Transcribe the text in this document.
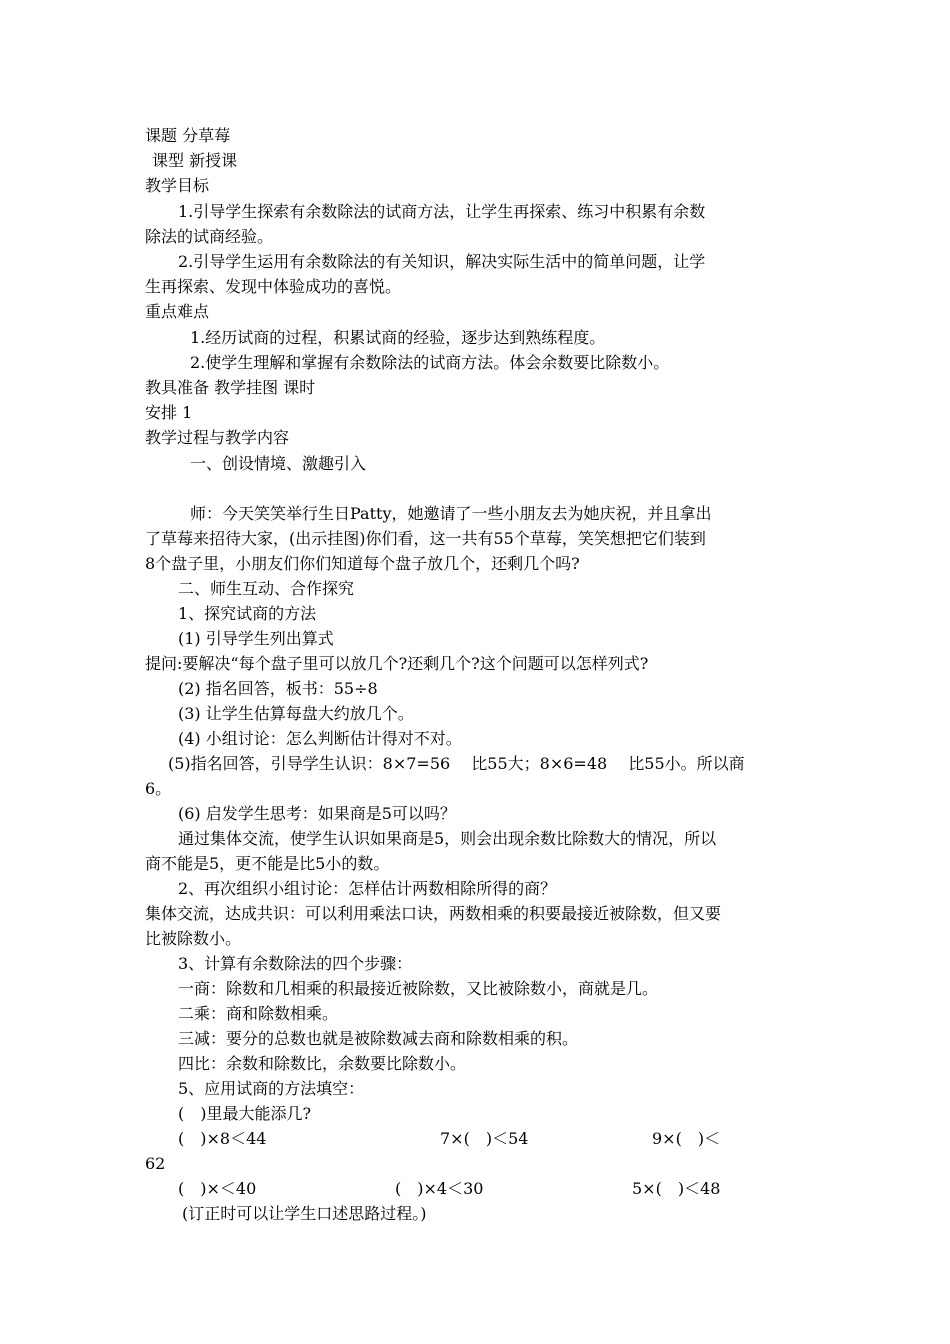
课题 分草莓
课型 新授课
教学目标
1.引导学生探索有余数除法的试商方法，让学生再探索、练习中积累有余数
除法的试商经验。
2.引导学生运用有余数除法的有关知识，解决实际生活中的简单问题，让学
生再探索、发现中体验成功的喜悦。
重点难点
1.经历试商的过程，积累试商的经验，逐步达到熟练程度。
2.使学生理解和掌握有余数除法的试商方法。体会余数要比除数小。
教具准备 教学挂图 课时
安排 1
教学过程与教学内容
一、创设情境、激趣引入
师：今天笑笑举行生日Patty，她邀请了一些小朋友去为她庆祝，并且拿出
了草莓来招待大家，(出示挂图)你们看，这一共有55个草莓，笑笑想把它们装到
8个盘子里，小朋友们你们知道每个盘子放几个，还剩几个吗?
二、师生互动、合作探究
1、探究试商的方法
(1) 引导学生列出算式
提问:要解决“每个盘子里可以放几个?还剩几个?这个问题可以怎样列式?
(2) 指名回答，板书：55÷8
(3) 让学生估算每盘大约放几个。
(4) 小组讨论：怎么判断估计得对不对。
(5)指名回答，引导学生认识：8×7=56　 比55大；8×6=48　 比55小。所以商
6。
(6) 启发学生思考：如果商是5可以吗？
通过集体交流，使学生认识如果商是5，则会出现余数比除数大的情况，所以
商不能是5，更不能是比5小的数。
2、再次组织小组讨论：怎样估计两数相除所得的商？
集体交流，达成共识：可以利用乘法口诀，两数相乘的积要最接近被除数，但又要
比被除数小。
3、计算有余数除法的四个步骤：
一商：除数和几相乘的积最接近被除数，又比被除数小，商就是几。
二乘：商和除数相乘。
三减：要分的总数也就是被除数减去商和除数相乘的积。
四比：余数和除数比，余数要比除数小。
5、应用试商的方法填空：
(　)里最大能添几?
(　)×8＜44	7×(　)＜54	9×(　)＜
62
(　)×＜40	(　)×4＜30	5×(　)＜48
(订正时可以让学生口述思路过程。)
